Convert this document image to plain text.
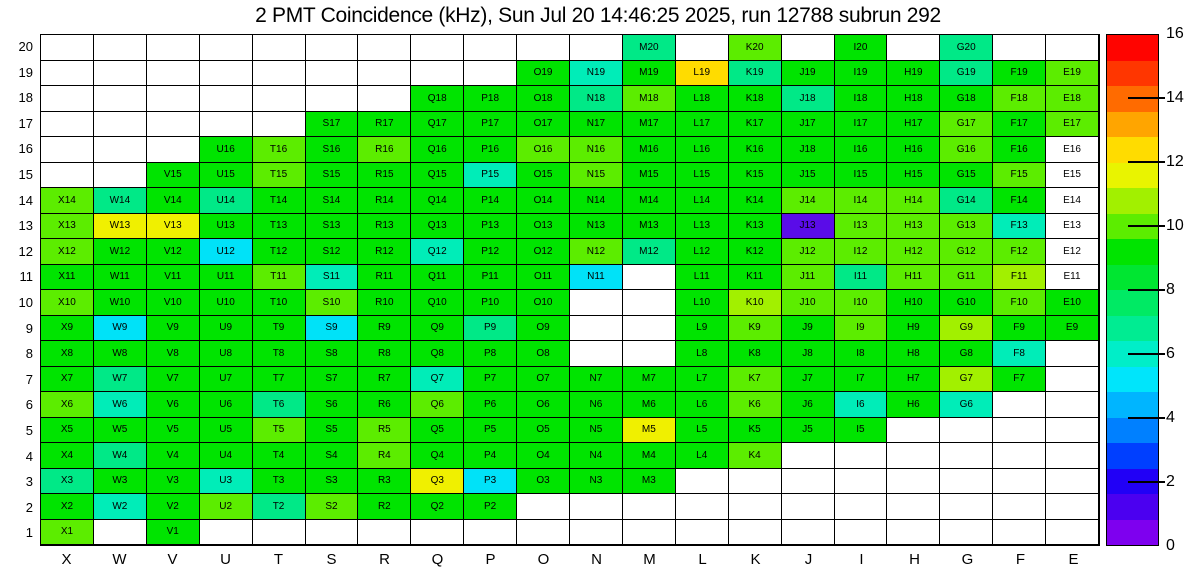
2 PMT Coincidence (kHz), Sun Jul 20 14:46:25 2025, run 12788 subrun 292
M20	K20	I20	G20
O19	N19	M19	L19	K19	J19	I19	H19	G19	F19	E19
Q18	P18	O18	N18	M18	L18	K18	J18	I18	H18	G18	F18	E18
S17	R17	Q17	P17	O17	N17	M17	L17	K17	J17	I17	H17	G17	F17	E17
U16	T16	S16	R16	Q16	P16	O16	N16	M16	L16	K16	J18	I16	H16	G16	F16	E16
V15	U15	T15	S15	R15	Q15	P15	O15	N15	M15	L15	K15	J15	I15	H15	G15	F15	E15
X14	W14	V14	U14	T14	S14	R14	Q14	P14	O14	N14	M14	L14	K14	J14	I14	H14	G14	F14	E14
X13	W13	V13	U13	T13	S13	R13	Q13	P13	O13	N13	M13	L13	K13	J13	I13	H13	G13	F13	E13
X12	W12	V12	U12	T12	S12	R12	Q12	P12	O12	N12	M12	L12	K12	J12	I12	H12	G12	F12	E12
X11	W11	V11	U11	T11	S11	R11	Q11	P11	O11	N11	L11	K11	J11	I11	H11	G11	F11	E11
X10	W10	V10	U10	T10	S10	R10	Q10	P10	O10	L10	K10	J10	I10	H10	G10	F10	E10
X9	W9	V9	U9	T9	S9	R9	Q9	P9	O9	L9	K9	J9	I9	H9	G9	F9	E9
X8	W8	V8	U8	T8	S8	R8	Q8	P8	O8	L8	K8	J8	I8	H8	G8	F8
X7	W7	V7	U7	T7	S7	R7	Q7	P7	O7	N7	M7	L7	K7	J7	I7	H7	G7	F7
X6	W6	V6	U6	T6	S6	R6	Q6	P6	O6	N6	M6	L6	K6	J6	I6	H6	G6
X5	W5	V5	U5	T5	S5	R5	Q5	P5	O5	N5	M5	L5	K5	J5	I5
X4	W4	V4	U4	T4	S4	R4	Q4	P4	O4	N4	M4	L4	K4
X3	W3	V3	U3	T3	S3	R3	Q3	P3	O3	N3	M3
X2	W2	V2	U2	T2	S2	R2	Q2	P2
X1	V1
20
19
18
17
16
15
14
13
12
11
10
9
8
7
6
5
4
3
2
1
X	W	V	U	T	S	R	Q	P	O	N	M	L	K	J	I	H	G	F	E
0
2
4
6
8
10
12
14
16
